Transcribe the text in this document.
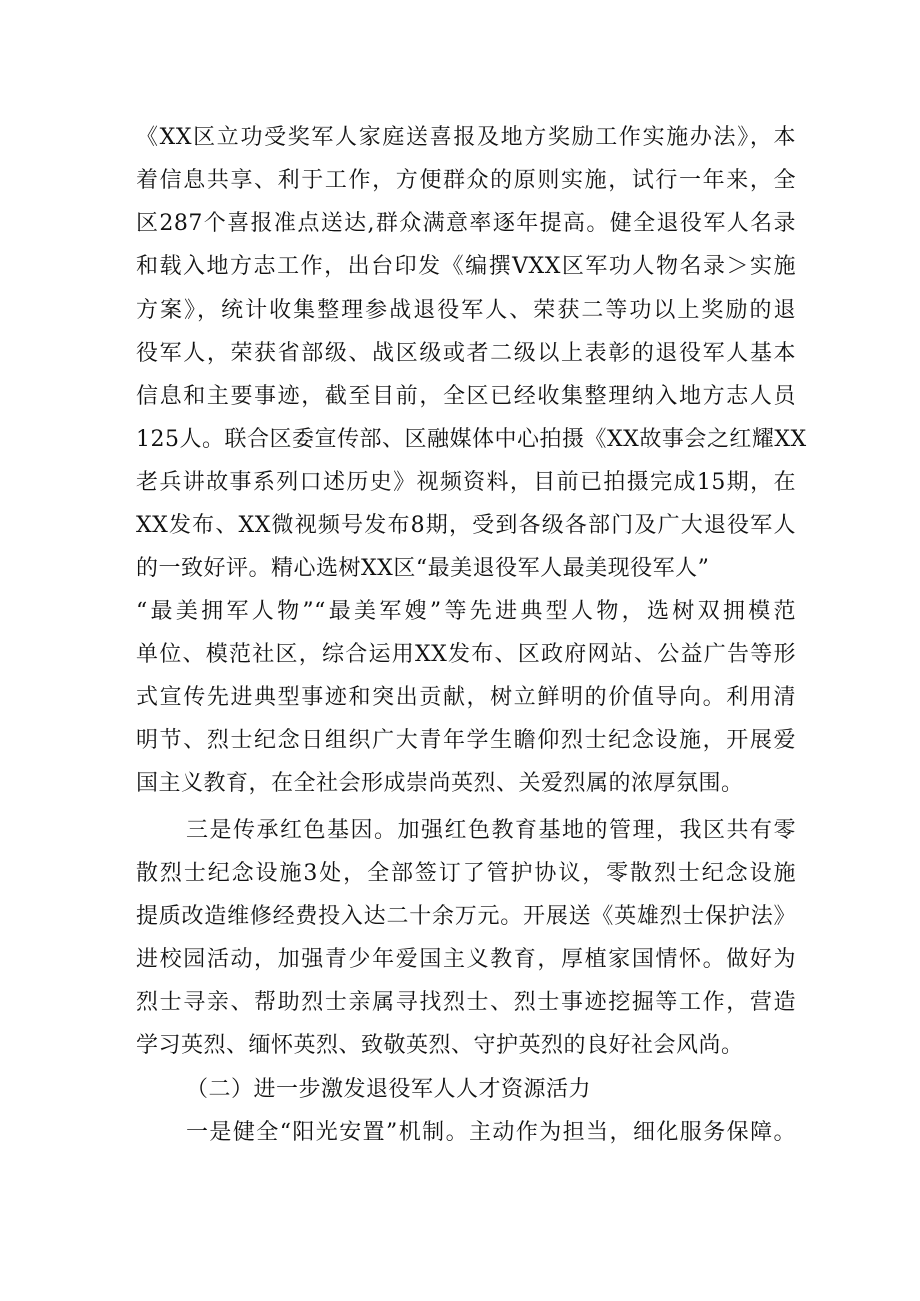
《XX区立功受奖军人家庭送喜报及地方奖励工作实施办法》，本
着信息共享、利于工作，方便群众的原则实施，试行一年来，全
区287个喜报准点送达,群众满意率逐年提高。健全退役军人名录
和载入地方志工作，出台印发《编撰VXX区军功人物名录＞实施
方案》，统计收集整理参战退役军人、荣获二等功以上奖励的退
役军人，荣获省部级、战区级或者二级以上表彰的退役军人基本
信息和主要事迹，截至目前，全区已经收集整理纳入地方志人员
125人。联合区委宣传部、区融媒体中心拍摄《XX故事会之红耀XX
老兵讲故事系列口述历史》视频资料，目前已拍摄完成15期，在
XX发布、XX微视频号发布8期，受到各级各部门及广大退役军人
的一致好评。精心选树XX区“最美退役军人最美现役军人”
“最美拥军人物”“最美军嫂”等先进典型人物，选树双拥模范
单位、模范社区，综合运用XX发布、区政府网站、公益广告等形
式宣传先进典型事迹和突出贡献，树立鲜明的价值导向。利用清
明节、烈士纪念日组织广大青年学生瞻仰烈士纪念设施，开展爱
国主义教育，在全社会形成崇尚英烈、关爱烈属的浓厚氛围。
三是传承红色基因。加强红色教育基地的管理，我区共有零
散烈士纪念设施3处，全部签订了管护协议，零散烈士纪念设施
提质改造维修经费投入达二十余万元。开展送《英雄烈士保护法》
进校园活动，加强青少年爱国主义教育，厚植家国情怀。做好为
烈士寻亲、帮助烈士亲属寻找烈士、烈士事迹挖掘等工作，营造
学习英烈、缅怀英烈、致敬英烈、守护英烈的良好社会风尚。
（二）进一步激发退役军人人才资源活力
一是健全“阳光安置”机制。主动作为担当，细化服务保障。
